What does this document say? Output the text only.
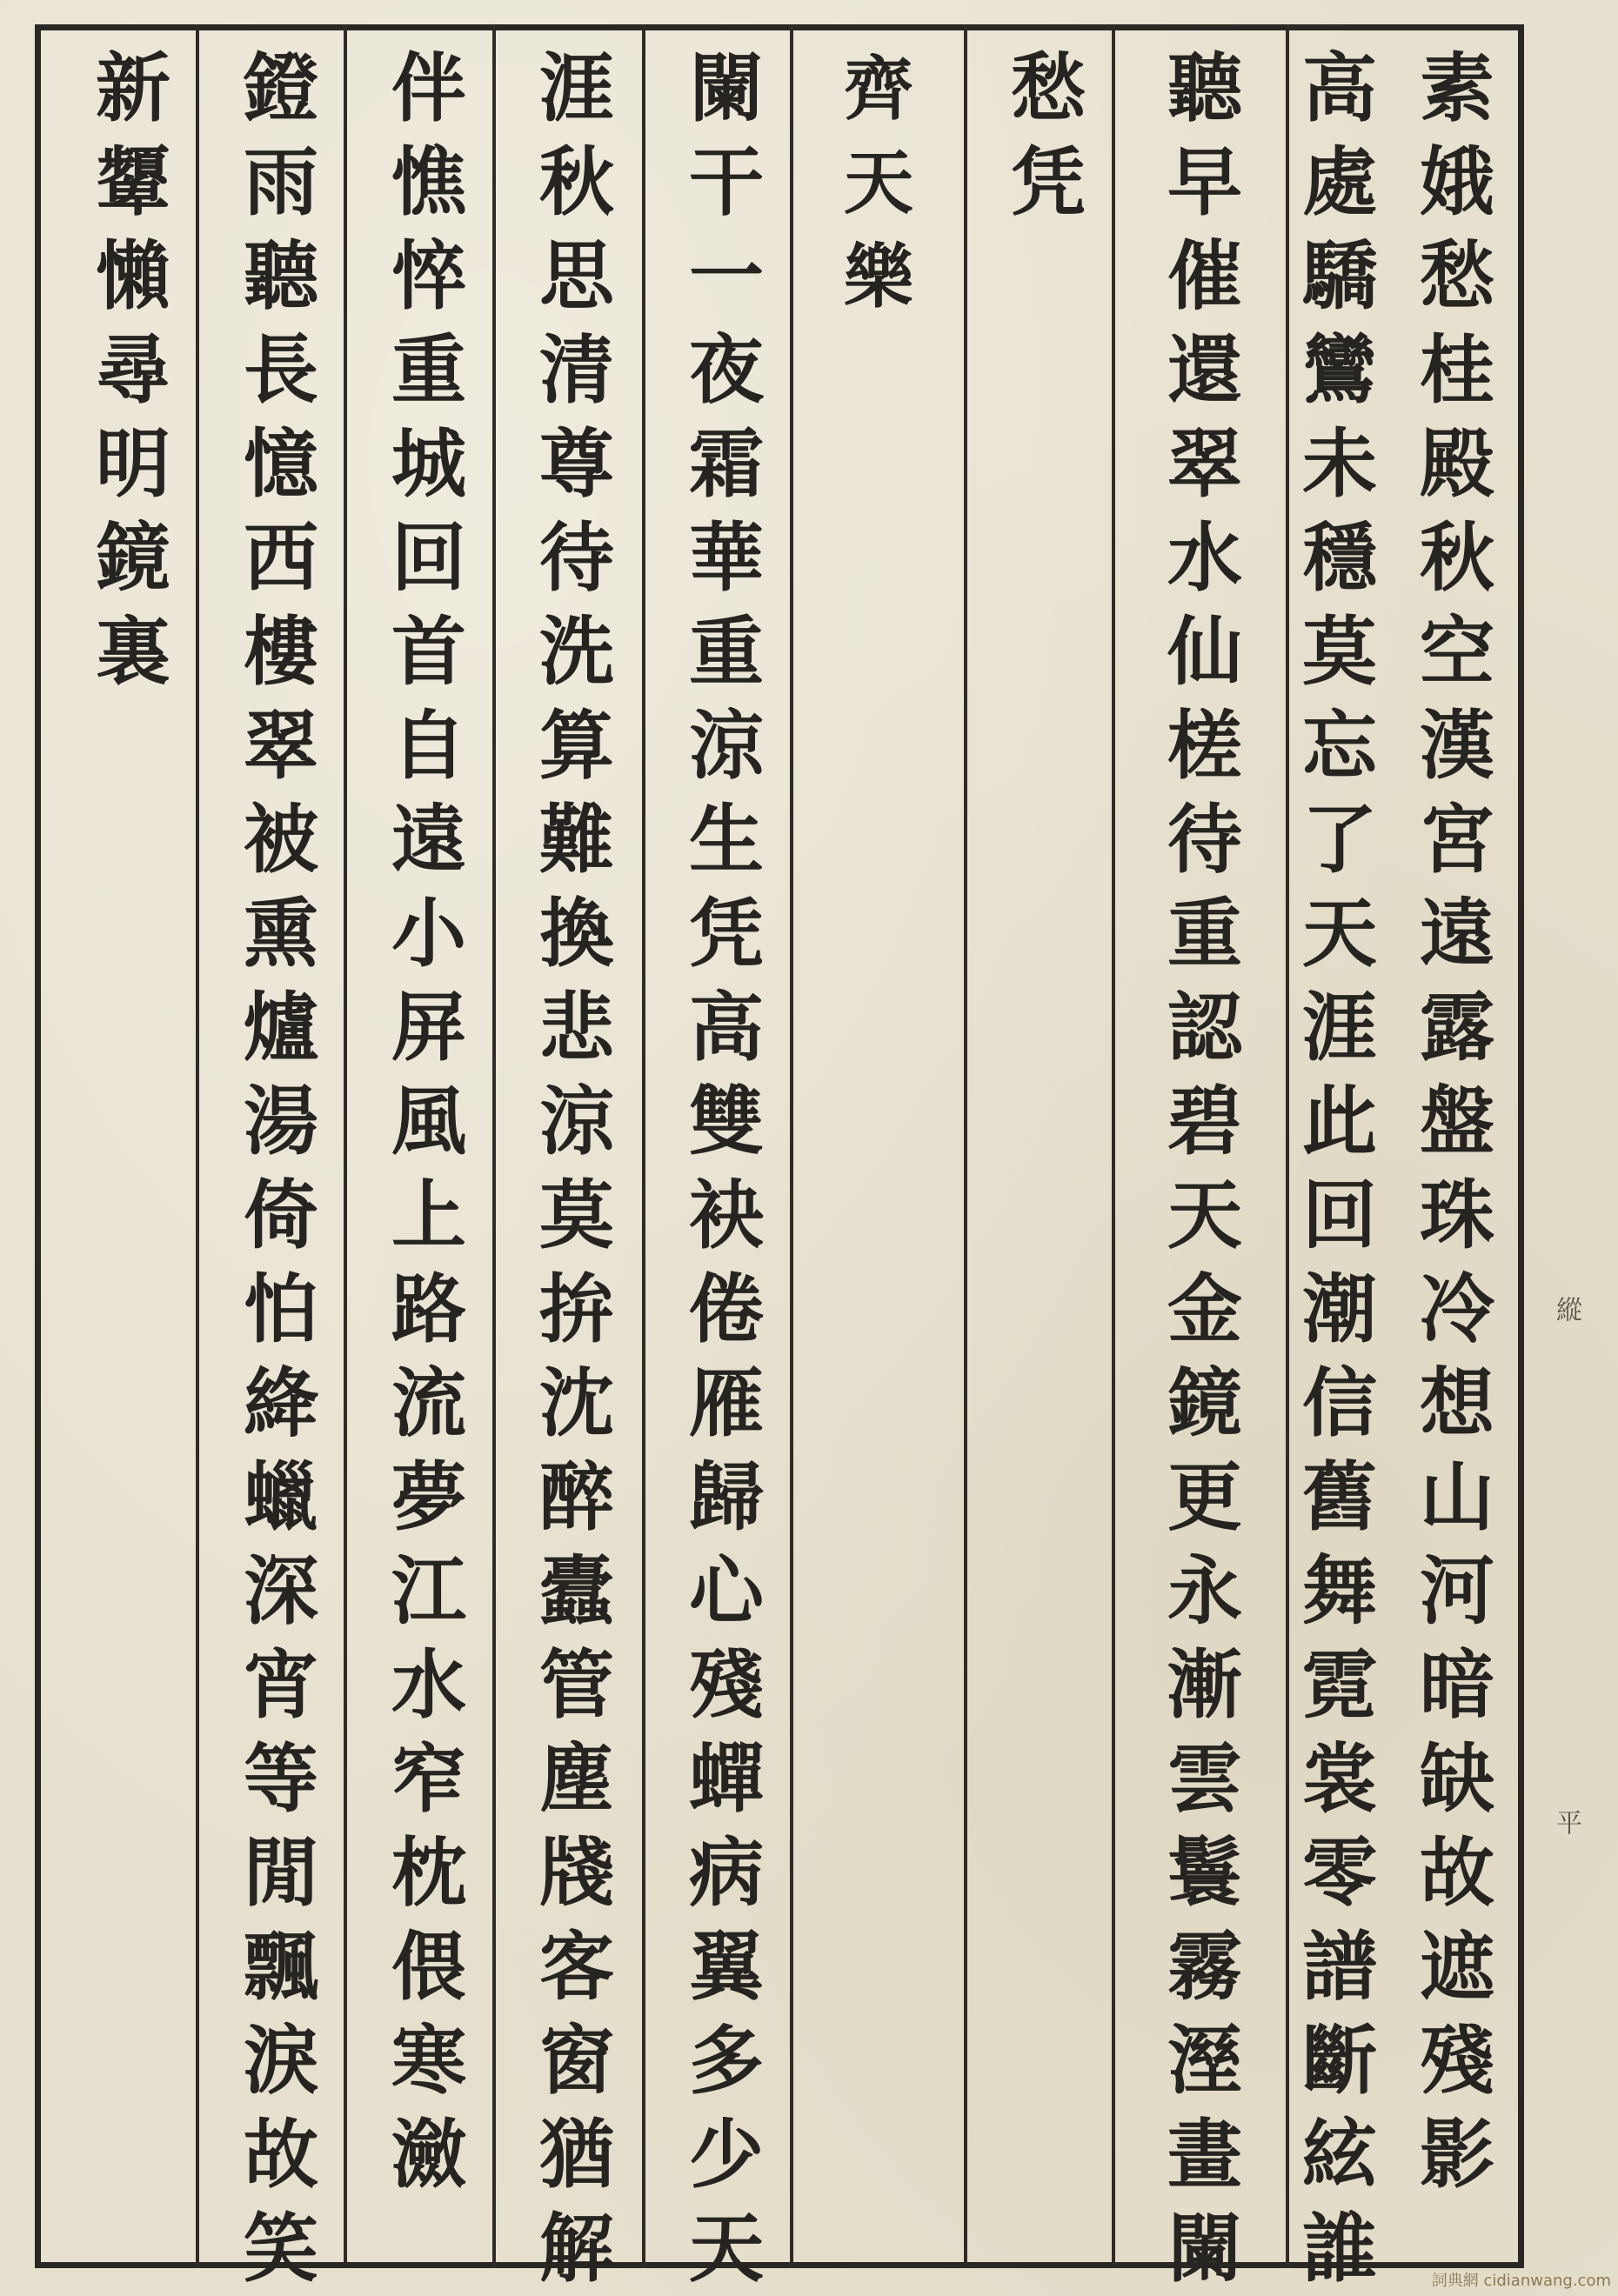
素
娥
愁
桂
殿
秋
空
漢
宮
遠
露
盤
珠
冷
想
山
河
暗
缺
故
遮
殘
影
高
處
驕
鸞
未
穩
莫
忘
了
天
涯
此
回
潮
信
舊
舞
霓
裳
零
譜
斷
絃
誰
聽
早
催
還
翠
水
仙
槎
待
重
認
碧
天
金
鏡
更
永
漸
雲
鬟
霧
溼
畫
闌
愁
凭
齊
天
樂
闌
干
一
夜
霜
華
重
涼
生
凭
高
雙
袂
倦
雁
歸
心
殘
蟬
病
翼
多
少
天
涯
秋
思
清
尊
待
洗
算
難
換
悲
涼
莫
拚
沈
醉
蠹
管
塵
牋
客
窗
猶
解
伴
憔
悴
重
城
回
首
自
遠
小
屏
風
上
路
流
夢
江
水
窄
枕
偎
寒
瀲
鐙
雨
聽
長
憶
西
樓
翠
被
熏
爐
湯
倚
怕
絳
蠟
深
宵
等
閒
飄
淚
故
笑
新
顰
懶
尋
明
鏡
裏
縱
平
詞典網 cidianwang.com
